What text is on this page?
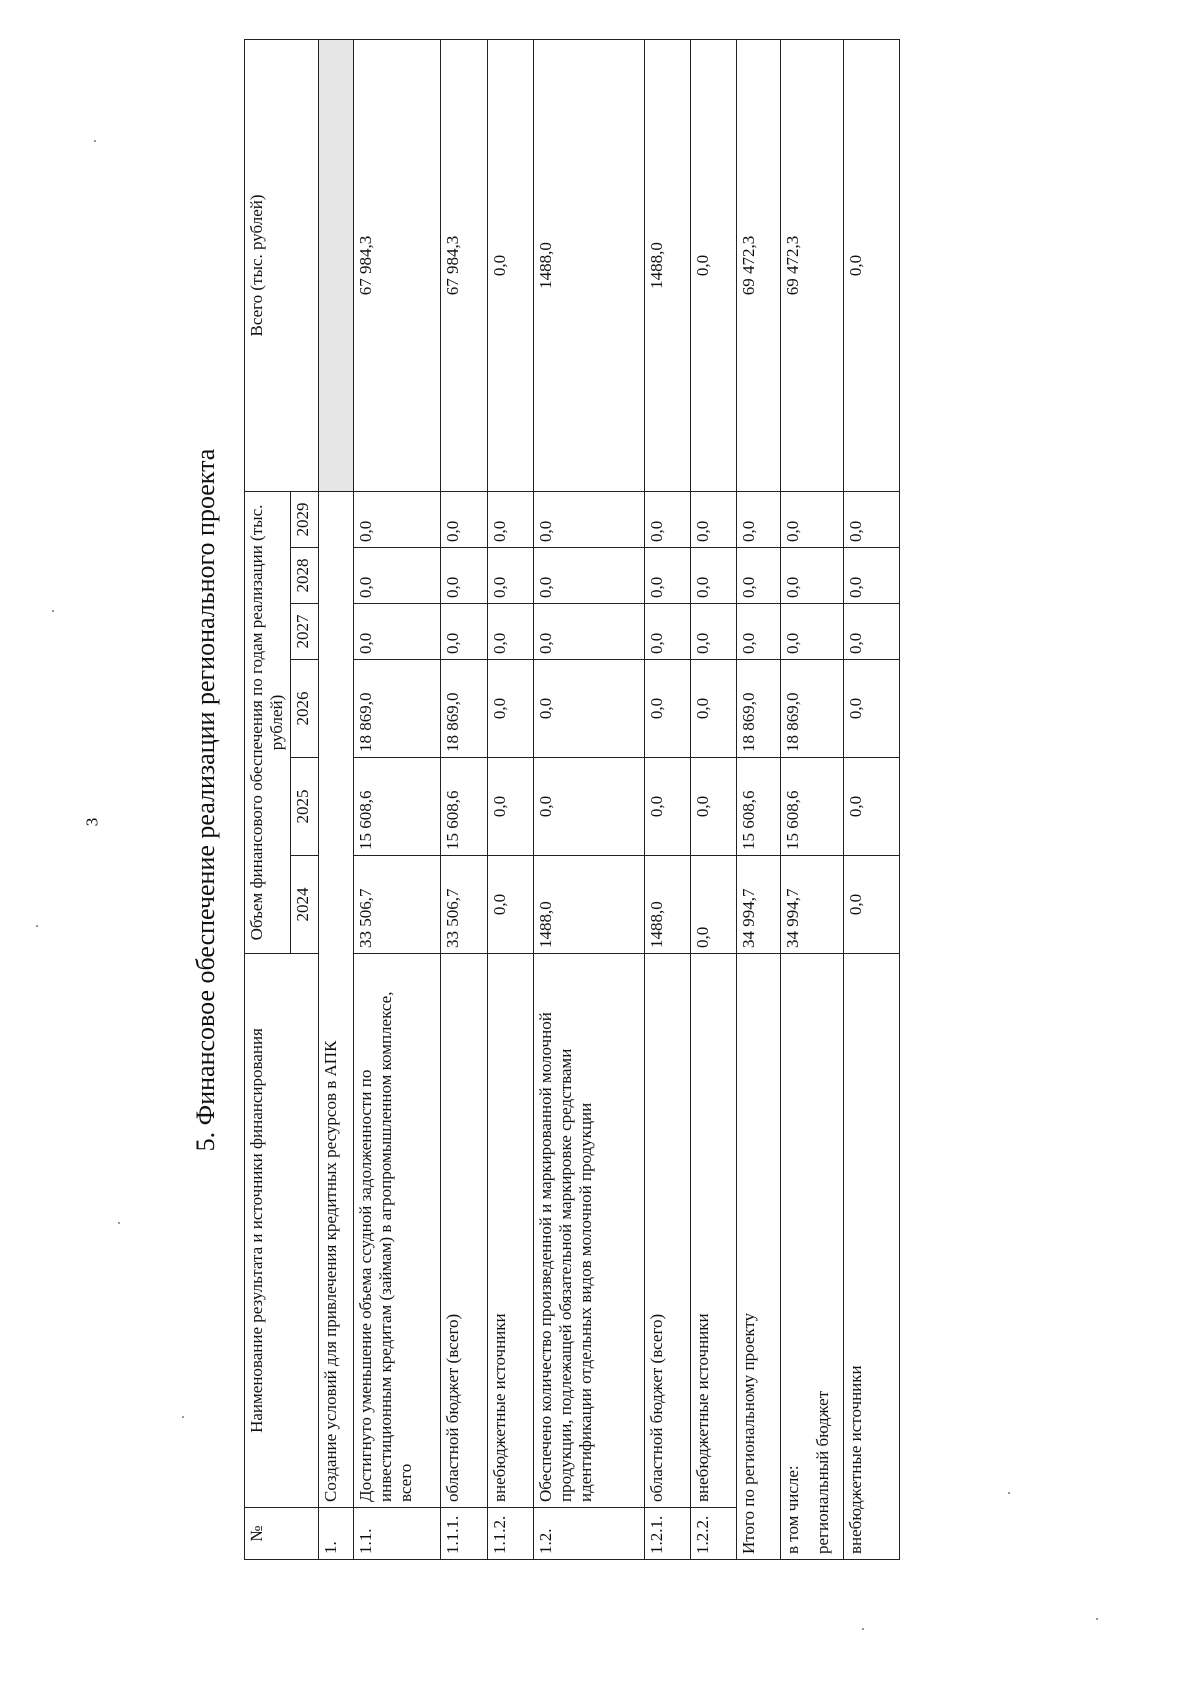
3	5. Финансовое обеспечение реализации регионального проекта
№	Наименование результата и источники финансирования	Объем финансового обеспечения по годам реализации (тыс. рублей)						Всего (тыс. рублей)
		2024	2025	2026	2027	2028	2029	
1.	Создание условий для привлечения кредитных ресурсов в АПК							
1.1.	Достигнуто уменьшение объема ссудной задолженности по инвестиционным кредитам (займам) в агропромышленном комплексе, всего	33 506,7	15 608,6	18 869,0	0,0	0,0	0,0	67 984,3
1.1.1.	областной бюджет (всего)	33 506,7	15 608,6	18 869,0	0,0	0,0	0,0	67 984,3
1.1.2.	внебюджетные источники	0,0	0,0	0,0	0,0	0,0	0,0	0,0
1.2.	Обеспечено количество произведенной и маркированной молочной продукции, подлежащей обязательной маркировке средствами идентификации отдельных видов молочной продукции	1488,0	0,0	0,0	0,0	0,0	0,0	1488,0
1.2.1.	областной бюджет (всего)	1488,0	0,0	0,0	0,0	0,0	0,0	1488,0
1.2.2.	внебюджетные источники	0,0	0,0	0,0	0,0	0,0	0,0	0,0
Итого по региональному проекту		34 994,7	15 608,6	18 869,0	0,0	0,0	0,0	69 472,3

в том числе: региональный бюджет		34 994,7	15 608,6	18 869,0	0,0	0,0	0,0	69 472,3
внебюджетные источники		0,0	0,0	0,0	0,0	0,0	0,0	0,0
